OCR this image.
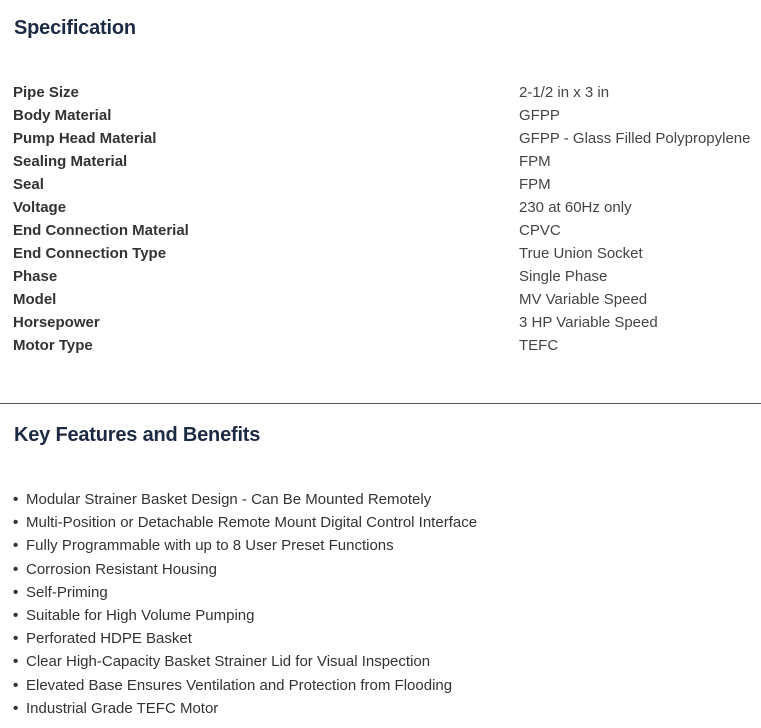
Specification
Pipe Size	2-1/2 in x 3 in
Body Material	GFPP
Pump Head Material	GFPP - Glass Filled Polypropylene
Sealing Material	FPM
Seal	FPM
Voltage	230 at 60Hz only
End Connection Material	CPVC
End Connection Type	True Union Socket
Phase	Single Phase
Model	MV Variable Speed
Horsepower	3 HP Variable Speed
Motor Type	TEFC
Key Features and Benefits
• Modular Strainer Basket Design - Can Be Mounted Remotely
• Multi-Position or Detachable Remote Mount Digital Control Interface
• Fully Programmable with up to 8 User Preset Functions
• Corrosion Resistant Housing
• Self-Priming
• Suitable for High Volume Pumping
• Perforated HDPE Basket
• Clear High-Capacity Basket Strainer Lid for Visual Inspection
• Elevated Base Ensures Ventilation and Protection from Flooding
• Industrial Grade TEFC Motor
